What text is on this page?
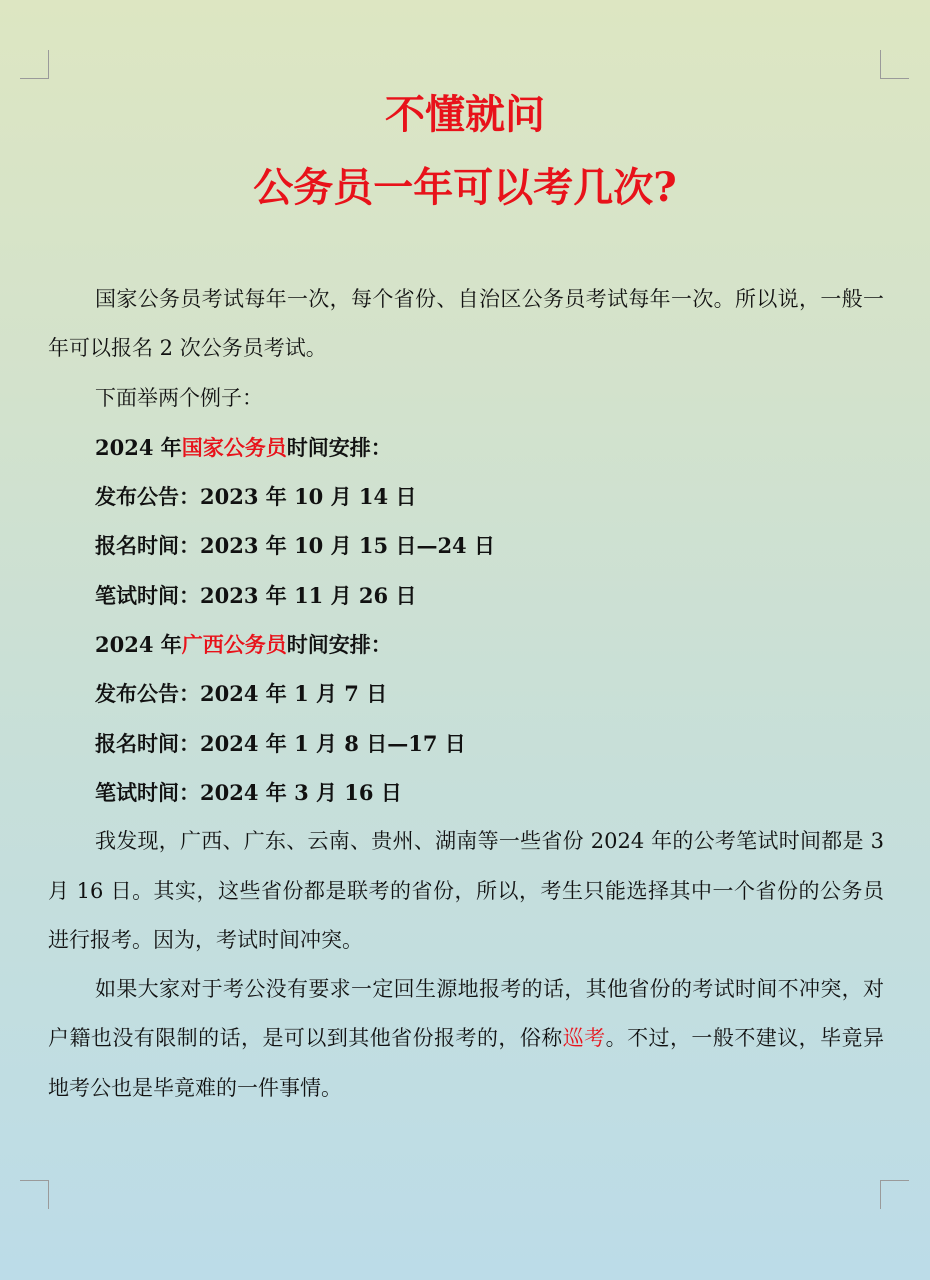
不懂就问
公务员一年可以考几次?

国家公务员考试每年一次，每个省份、自治区公务员考试每年一次。所以说，一般一年可以报名 2 次公务员考试。

下面举两个例子：

2024 年国家公务员时间安排：

发布公告：2023 年 10 月 14 日

报名时间：2023 年 10 月 15 日—24 日

笔试时间：2023 年 11 月 26 日

2024 年广西公务员时间安排：

发布公告：2024 年 1 月 7 日

报名时间：2024 年 1 月 8 日—17 日

笔试时间：2024 年 3 月 16 日

我发现，广西、广东、云南、贵州、湖南等一些省份 2024 年的公考笔试时间都是 3 月 16 日。其实，这些省份都是联考的省份，所以，考生只能选择其中一个省份的公务员进行报考。因为，考试时间冲突。

如果大家对于考公没有要求一定回生源地报考的话，其他省份的考试时间不冲突，对户籍也没有限制的话，是可以到其他省份报考的，俗称巡考。不过，一般不建议，毕竟异地考公也是毕竟难的一件事情。
